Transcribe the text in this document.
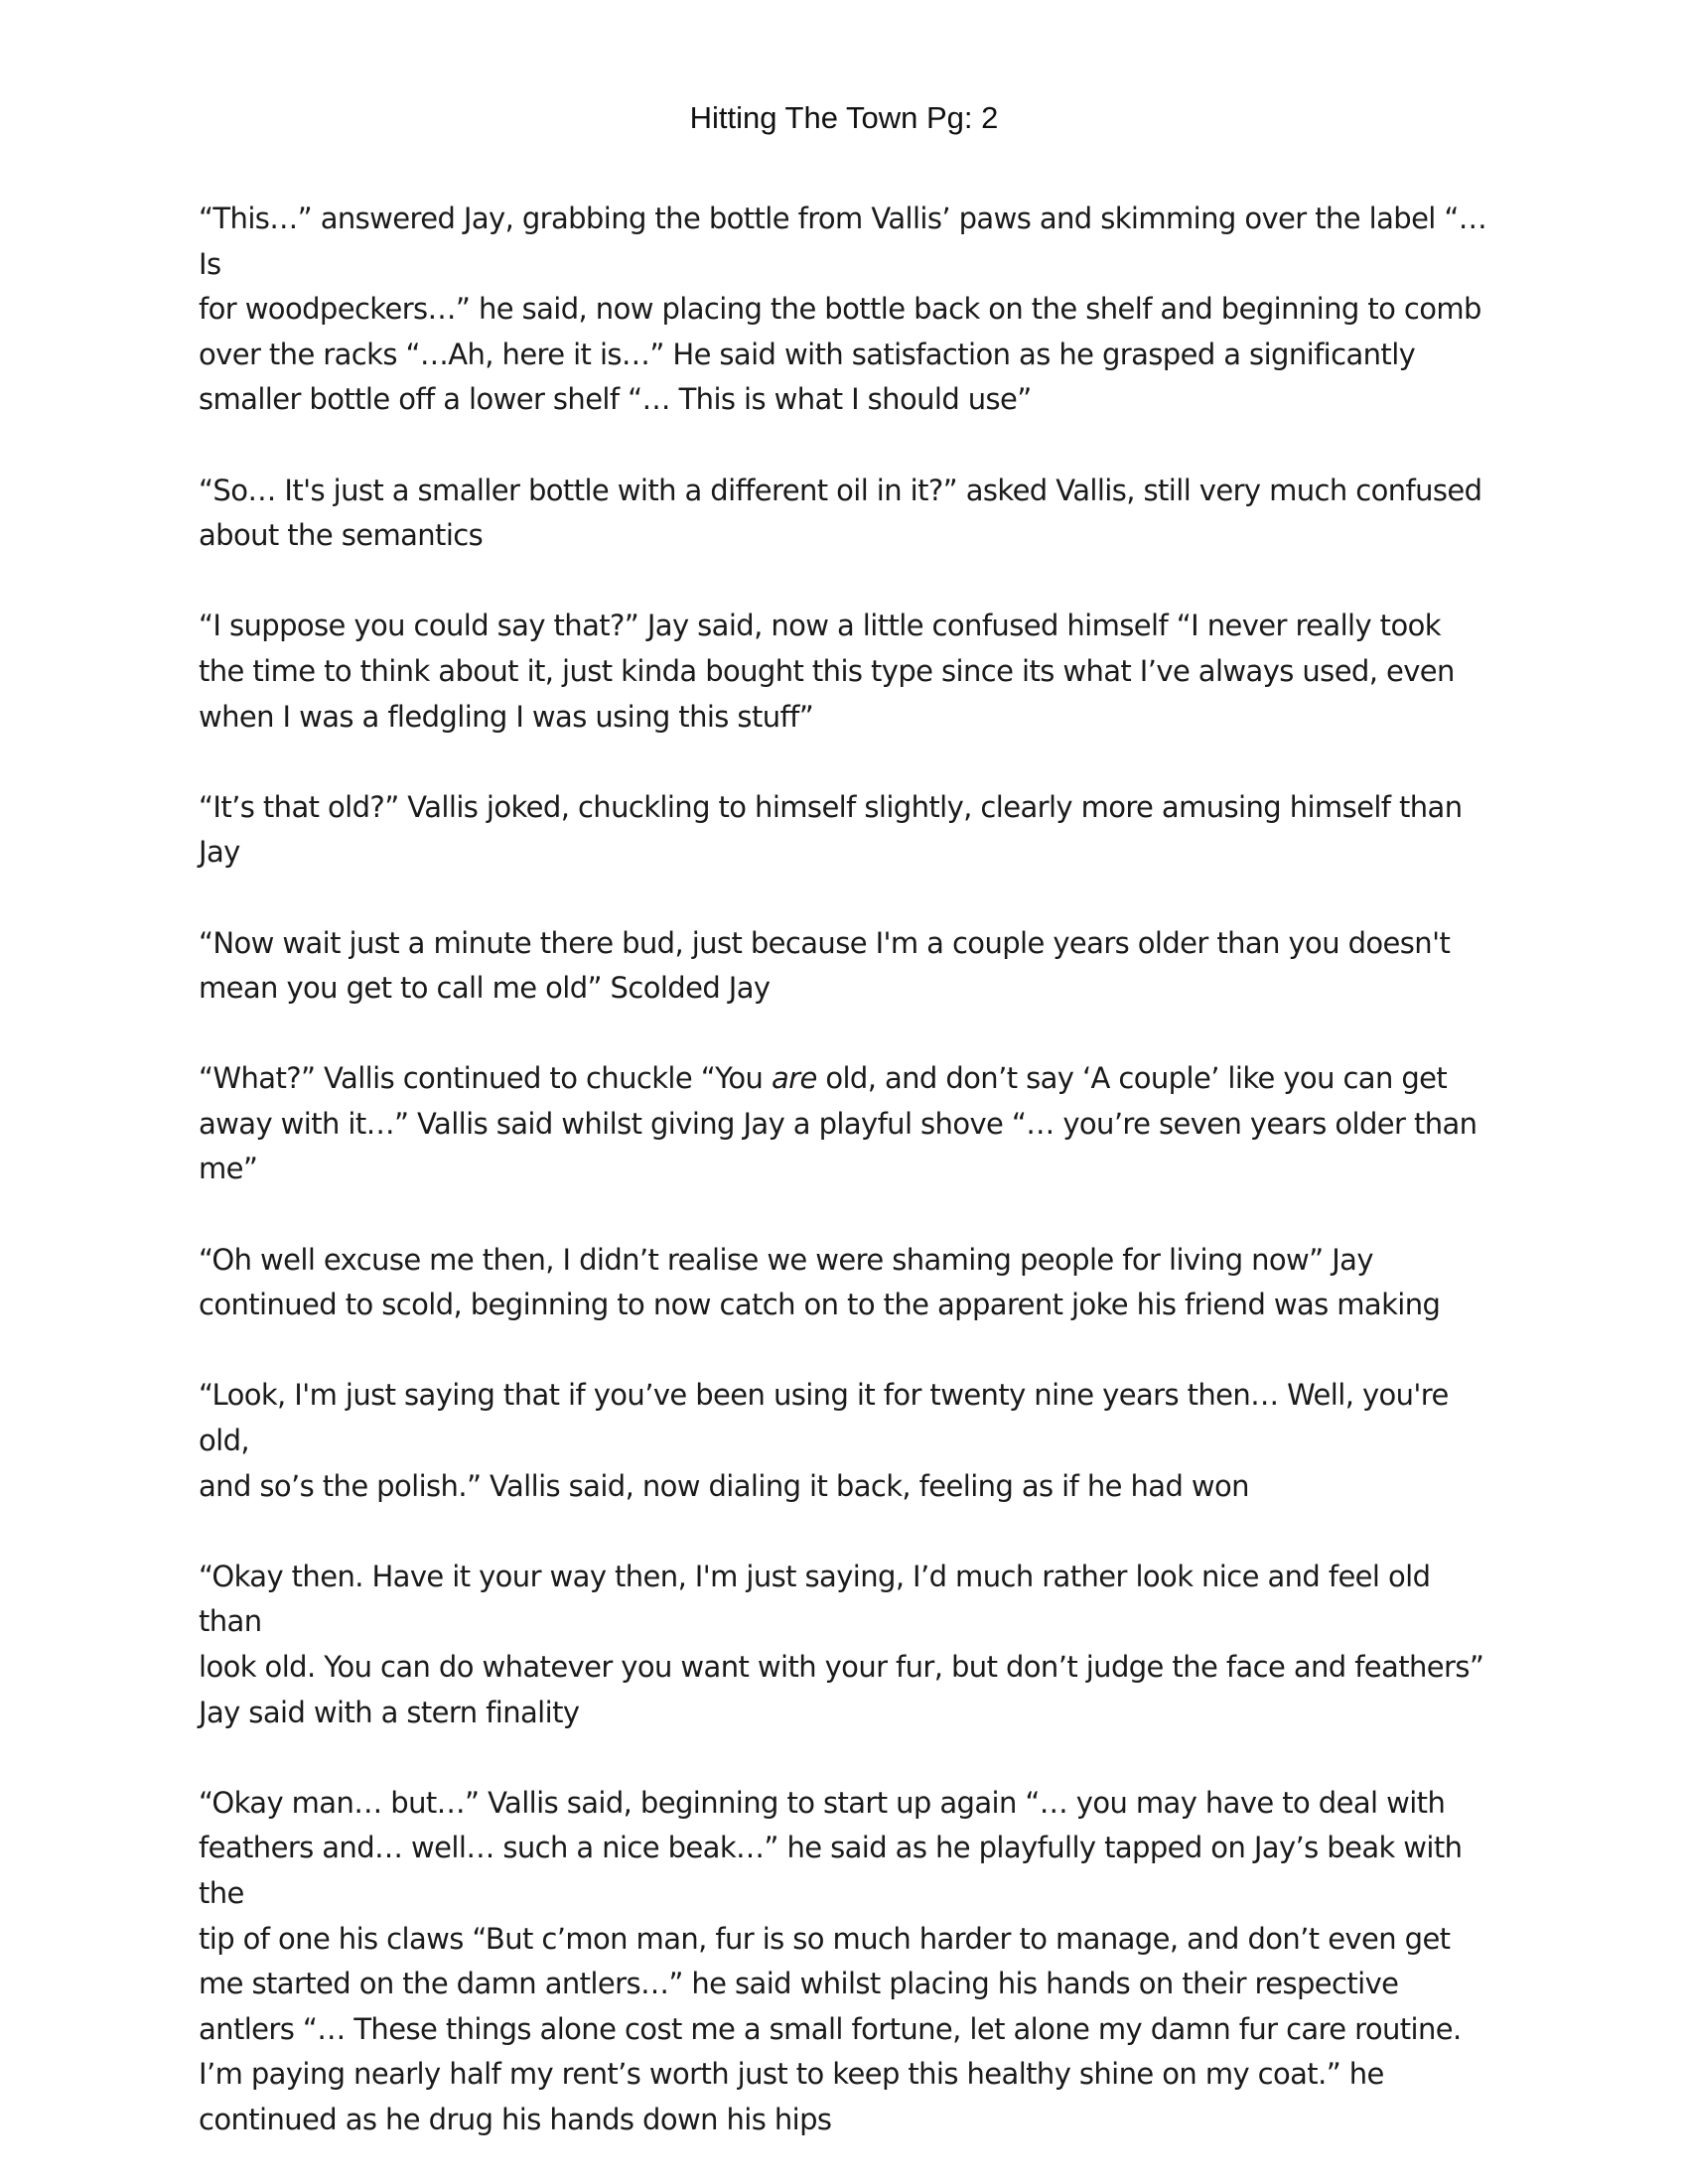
Hitting The Town Pg: 2

“This…” answered Jay, grabbing the bottle from Vallis’ paws and skimming over the label “… Is
for woodpeckers…” he said, now placing the bottle back on the shelf and beginning to comb
over the racks “…Ah, here it is…” He said with satisfaction as he grasped a significantly
smaller bottle off a lower shelf “… This is what I should use”

“So… It's just a smaller bottle with a different oil in it?” asked Vallis, still very much confused
about the semantics

“I suppose you could say that?” Jay said, now a little confused himself “I never really took
the time to think about it, just kinda bought this type since its what I’ve always used, even
when I was a fledgling I was using this stuff”

“It’s that old?” Vallis joked, chuckling to himself slightly, clearly more amusing himself than
Jay

“Now wait just a minute there bud, just because I'm a couple years older than you doesn't
mean you get to call me old” Scolded Jay

“What?” Vallis continued to chuckle “You are old, and don’t say ‘A couple’ like you can get
away with it…” Vallis said whilst giving Jay a playful shove “… you’re seven years older than
me”

“Oh well excuse me then, I didn’t realise we were shaming people for living now” Jay
continued to scold, beginning to now catch on to the apparent joke his friend was making

“Look, I'm just saying that if you’ve been using it for twenty nine years then… Well, you're old,
and so’s the polish.” Vallis said, now dialing it back, feeling as if he had won

“Okay then. Have it your way then, I'm just saying, I’d much rather look nice and feel old than
look old. You can do whatever you want with your fur, but don’t judge the face and feathers”
Jay said with a stern finality

“Okay man… but…” Vallis said, beginning to start up again “… you may have to deal with
feathers and… well… such a nice beak…” he said as he playfully tapped on Jay’s beak with the
tip of one his claws “But c’mon man, fur is so much harder to manage, and don’t even get
me started on the damn antlers…” he said whilst placing his hands on their respective
antlers “… These things alone cost me a small fortune, let alone my damn fur care routine.
I’m paying nearly half my rent’s worth just to keep this healthy shine on my coat.” he
continued as he drug his hands down his hips
